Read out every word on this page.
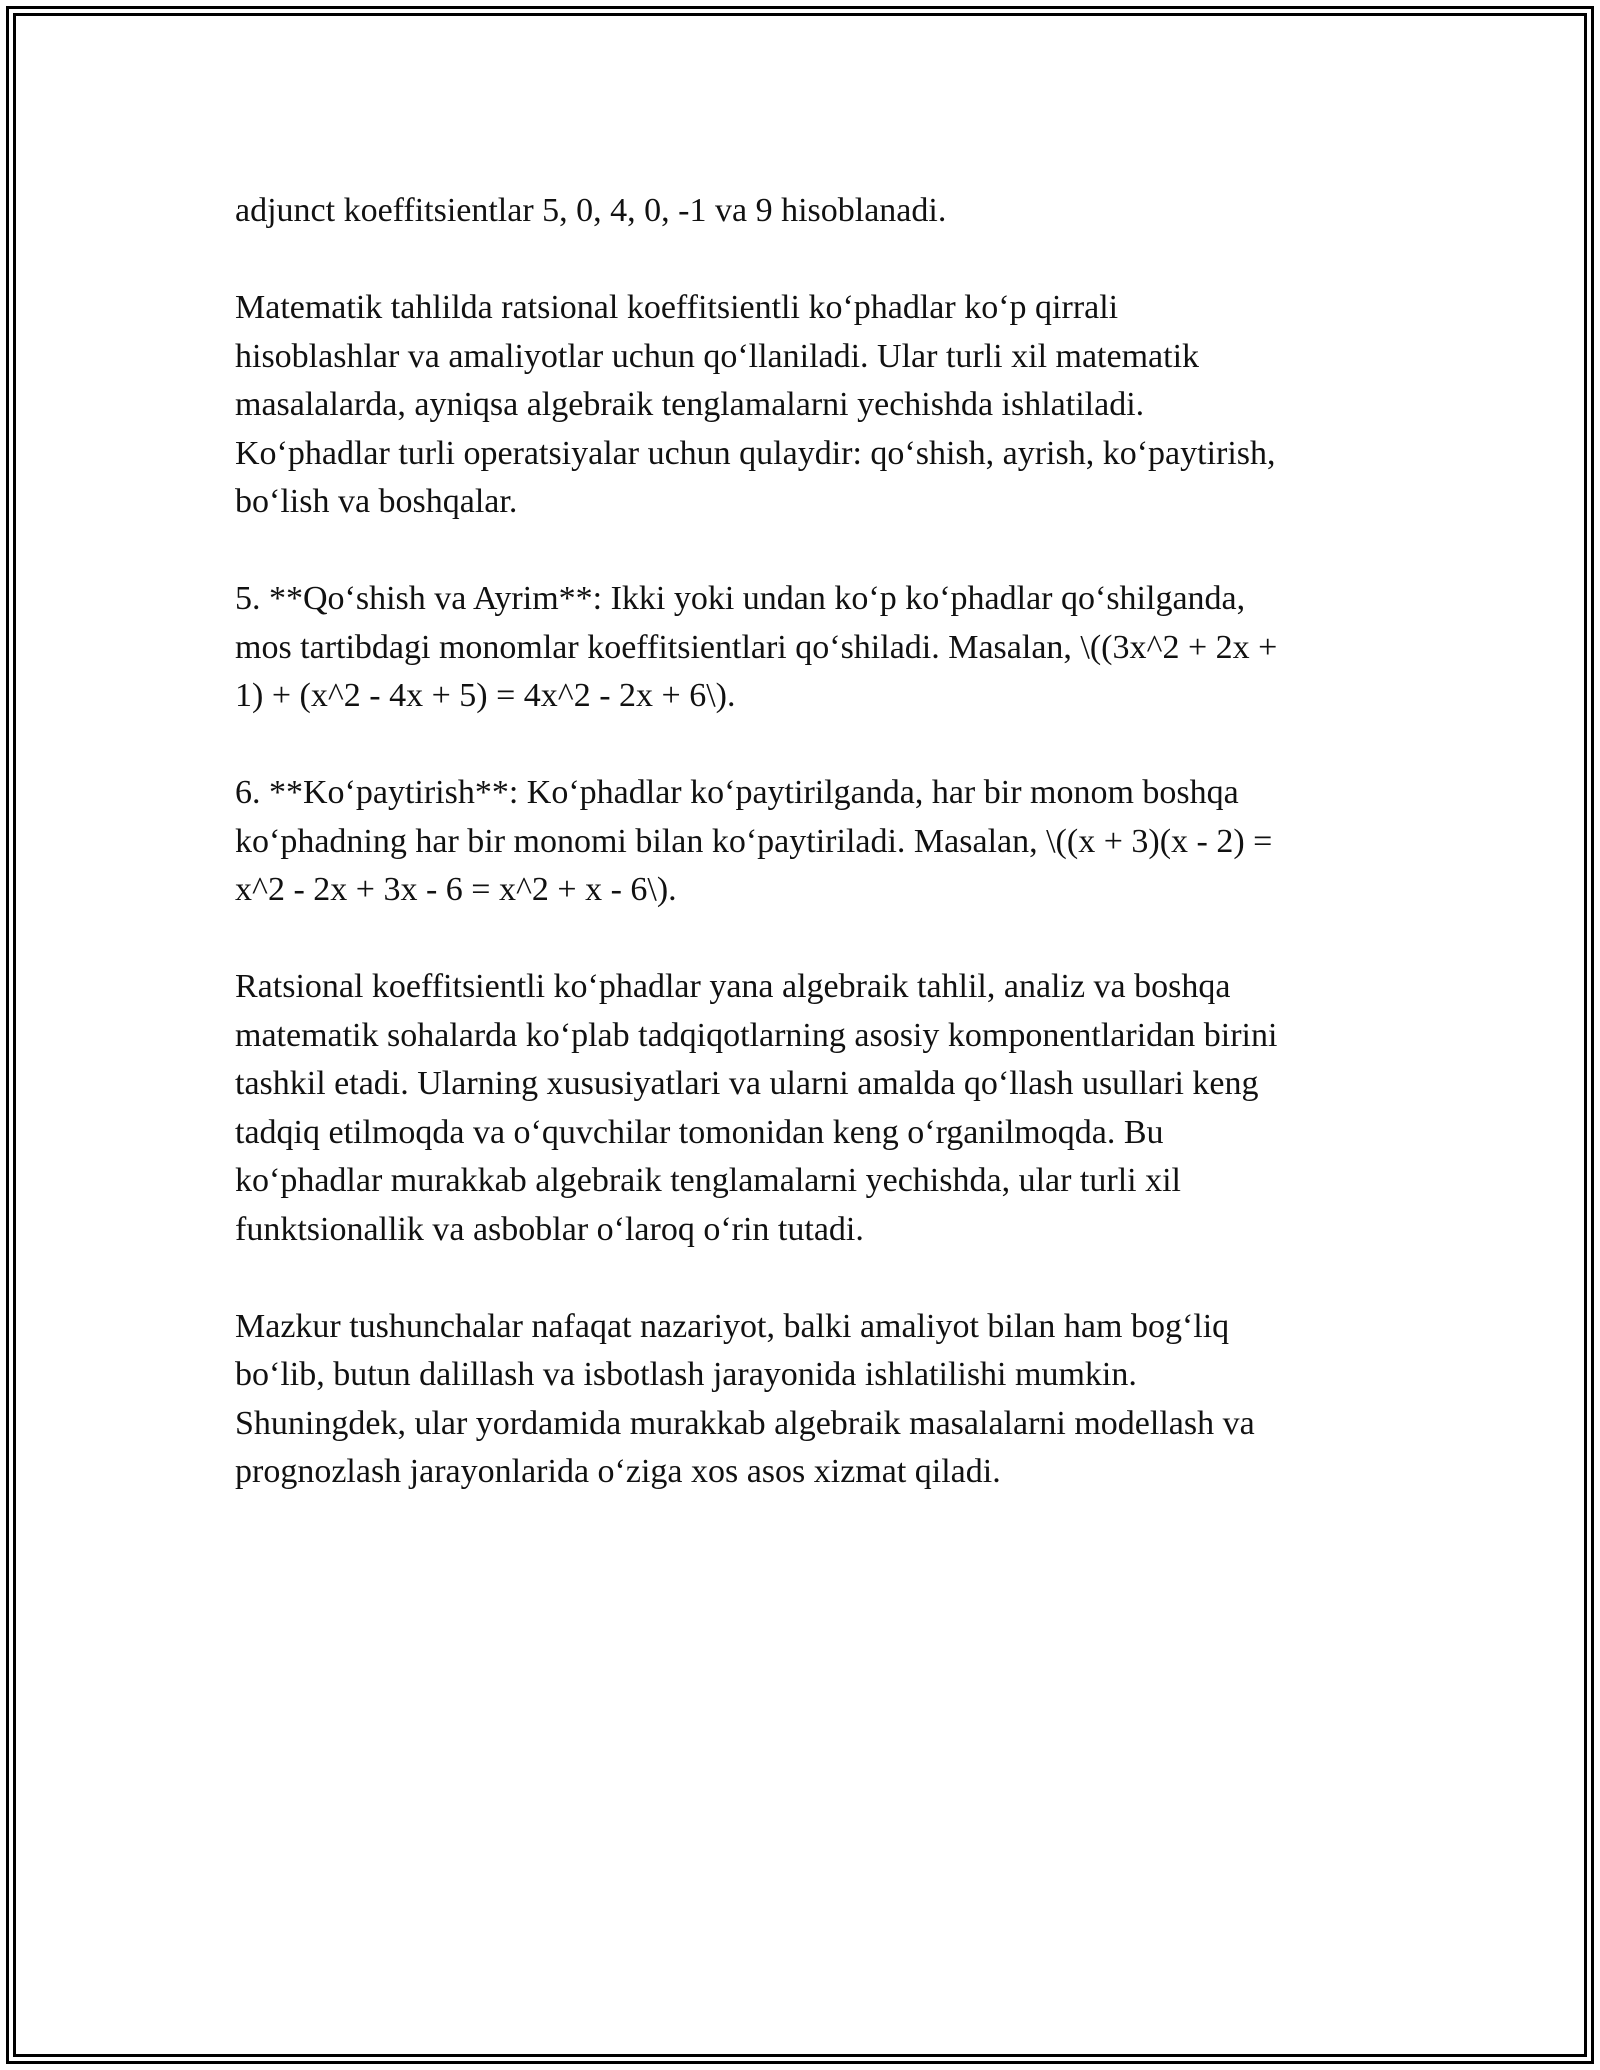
adjunct koeffitsientlar 5, 0, 4, 0, -1 va 9 hisoblanadi.

Matematik tahlilda ratsional koeffitsientli ko‘phadlar ko‘p qirrali
hisoblashlar va amaliyotlar uchun qo‘llaniladi. Ular turli xil matematik
masalalarda, ayniqsa algebraik tenglamalarni yechishda ishlatiladi.
Ko‘phadlar turli operatsiyalar uchun qulaydir: qo‘shish, ayrish, ko‘paytirish,
bo‘lish va boshqalar.

5. **Qo‘shish va Ayrim**: Ikki yoki undan ko‘p ko‘phadlar qo‘shilganda,
mos tartibdagi monomlar koeffitsientlari qo‘shiladi. Masalan, \((3x^2 + 2x +
1) + (x^2 - 4x + 5) = 4x^2 - 2x + 6\).

6. **Ko‘paytirish**: Ko‘phadlar ko‘paytirilganda, har bir monom boshqa
ko‘phadning har bir monomi bilan ko‘paytiriladi. Masalan, \((x + 3)(x - 2) =
x^2 - 2x + 3x - 6 = x^2 + x - 6\).

Ratsional koeffitsientli ko‘phadlar yana algebraik tahlil, analiz va boshqa
matematik sohalarda ko‘plab tadqiqotlarning asosiy komponentlaridan birini
tashkil etadi. Ularning xususiyatlari va ularni amalda qo‘llash usullari keng
tadqiq etilmoqda va o‘quvchilar tomonidan keng o‘rganilmoqda. Bu
ko‘phadlar murakkab algebraik tenglamalarni yechishda, ular turli xil
funktsionallik va asboblar o‘laroq o‘rin tutadi.

Mazkur tushunchalar nafaqat nazariyot, balki amaliyot bilan ham bog‘liq
bo‘lib, butun dalillash va isbotlash jarayonida ishlatilishi mumkin.
Shuningdek, ular yordamida murakkab algebraik masalalarni modellash va
prognozlash jarayonlarida o‘ziga xos asos xizmat qiladi.
